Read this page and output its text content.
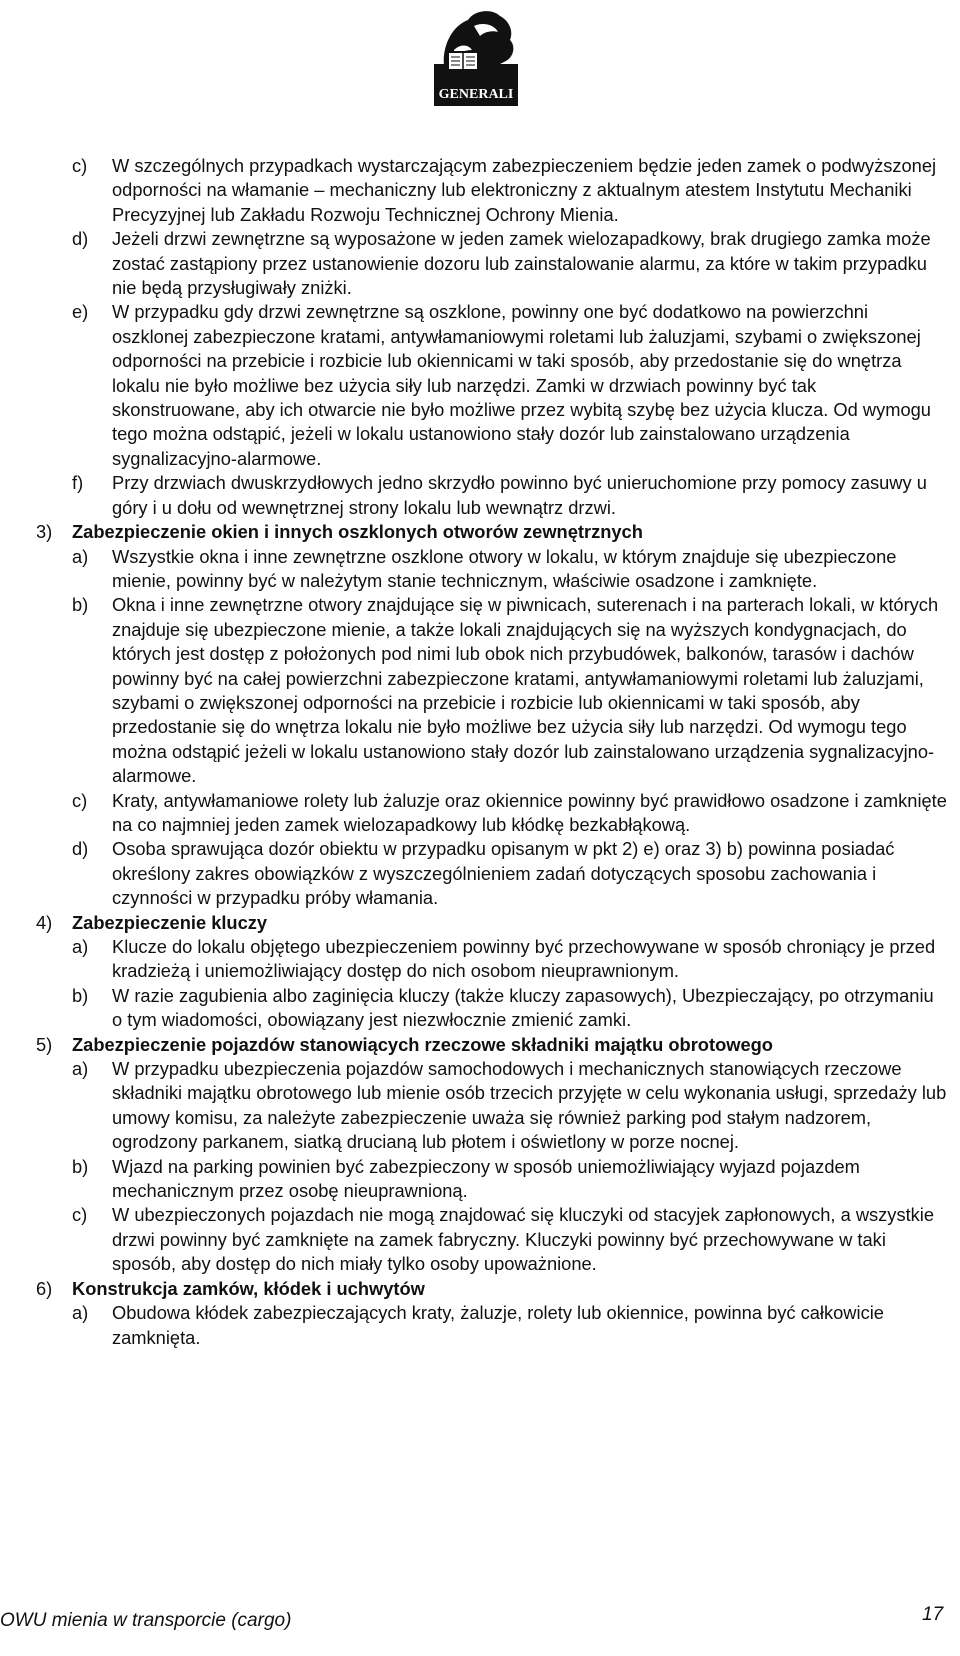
GENERALI
c) W szczególnych przypadkach wystarczającym zabezpieczeniem będzie jeden zamek o podwyższonej odporności na włamanie – mechaniczny lub elektroniczny z aktualnym atestem Instytutu Mechaniki Precyzyjnej lub Zakładu Rozwoju Technicznej Ochrony Mienia.
d) Jeżeli drzwi zewnętrzne są wyposażone w jeden zamek wielozapadkowy, brak drugiego zamka może zostać zastąpiony przez ustanowienie dozoru lub zainstalowanie alarmu, za które w takim przypadku nie będą przysługiwały zniżki.
e) W przypadku gdy drzwi zewnętrzne są oszklone, powinny one być dodatkowo na powierzchni oszklonej zabezpieczone kratami, antywłamaniowymi roletami lub żaluzjami, szybami o zwiększonej odporności na przebicie i rozbicie lub okiennicami w taki sposób, aby przedostanie się do wnętrza lokalu nie było możliwe bez użycia siły lub narzędzi. Zamki w drzwiach powinny być tak skonstruowane, aby ich otwarcie nie było możliwe przez wybitą szybę bez użycia klucza. Od wymogu tego można odstąpić, jeżeli w lokalu ustanowiono stały dozór lub zainstalowano urządzenia sygnalizacyjno-alarmowe.
f) Przy drzwiach dwuskrzydłowych jedno skrzydło powinno być unieruchomione przy pomocy zasuwy u góry i u dołu od wewnętrznej strony lokalu lub wewnątrz drzwi.
3) Zabezpieczenie okien i innych oszklonych otworów zewnętrznych
a) Wszystkie okna i inne zewnętrzne oszklone otwory w lokalu, w którym znajduje się ubezpieczone mienie, powinny być w należytym stanie technicznym, właściwie osadzone i zamknięte.
b) Okna i inne zewnętrzne otwory znajdujące się w piwnicach, suterenach i na parterach lokali, w których znajduje się ubezpieczone mienie, a także lokali znajdujących się na wyższych kondygnacjach, do których jest dostęp z położonych pod nimi lub obok nich przybudówek, balkonów, tarasów i dachów powinny być na całej powierzchni zabezpieczone kratami, antywłamaniowymi roletami lub żaluzjami, szybami o zwiększonej odporności na przebicie i rozbicie lub okiennicami w taki sposób, aby przedostanie się do wnętrza lokalu nie było możliwe bez użycia siły lub narzędzi. Od wymogu tego można odstąpić jeżeli w lokalu ustanowiono stały dozór lub zainstalowano urządzenia sygnalizacyjno-alarmowe.
c) Kraty, antywłamaniowe rolety lub żaluzje oraz okiennice powinny być prawidłowo osadzone i zamknięte na co najmniej jeden zamek wielozapadkowy lub kłódkę bezkabłąkową.
d) Osoba sprawująca dozór obiektu w przypadku opisanym w pkt 2) e) oraz 3) b) powinna posiadać określony zakres obowiązków z wyszczególnieniem zadań dotyczących sposobu zachowania i czynności w przypadku próby włamania.
4) Zabezpieczenie kluczy
a) Klucze do lokalu objętego ubezpieczeniem powinny być przechowywane w sposób chroniący je przed kradzieżą i uniemożliwiający dostęp do nich osobom nieuprawnionym.
b) W razie zagubienia albo zaginięcia kluczy (także kluczy zapasowych), Ubezpieczający, po otrzymaniu o tym wiadomości, obowiązany jest niezwłocznie zmienić zamki.
5) Zabezpieczenie pojazdów stanowiących rzeczowe składniki majątku obrotowego
a) W przypadku ubezpieczenia pojazdów samochodowych i mechanicznych stanowiących rzeczowe składniki majątku obrotowego lub mienie osób trzecich przyjęte w celu wykonania usługi, sprzedaży lub umowy komisu, za należyte zabezpieczenie uważa się również parking pod stałym nadzorem, ogrodzony parkanem, siatką drucianą lub płotem i oświetlony w porze nocnej.
b) Wjazd na parking powinien być zabezpieczony w sposób uniemożliwiający wyjazd pojazdem mechanicznym przez osobę nieuprawnioną.
c) W ubezpieczonych pojazdach nie mogą znajdować się kluczyki od stacyjek zapłonowych, a wszystkie drzwi powinny być zamknięte na zamek fabryczny. Kluczyki powinny być przechowywane w taki sposób, aby dostęp do nich miały tylko osoby upoważnione.
6) Konstrukcja zamków, kłódek i uchwytów
a) Obudowa kłódek zabezpieczających kraty, żaluzje, rolety lub okiennice, powinna być całkowicie zamknięta.
OWU mienia w transporcie (cargo)	17
